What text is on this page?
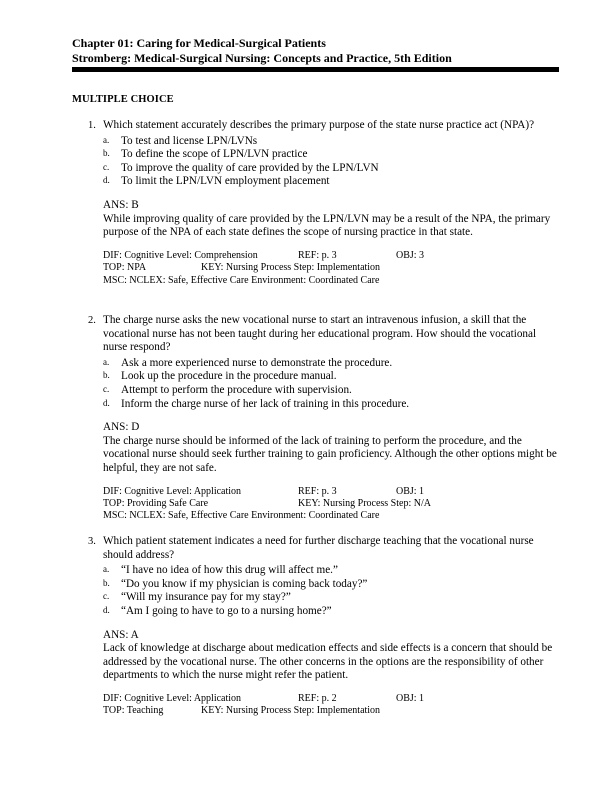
Chapter 01: Caring for Medical-Surgical Patients
Stromberg: Medical-Surgical Nursing: Concepts and Practice, 5th Edition
MULTIPLE CHOICE
1. Which statement accurately describes the primary purpose of the state nurse practice act (NPA)?

a. To test and license LPN/LVNs
b. To define the scope of LPN/LVN practice
c. To improve the quality of care provided by the LPN/LVN
d. To limit the LPN/LVN employment placement
ANS: B

While improving quality of care provided by the LPN/LVN may be a result of the NPA, the primary purpose of the NPA of each state defines the scope of nursing practice in that state.

DIF: Cognitive Level: Comprehension	REF: p. 3	OBJ: 3
TOP: NPA	KEY: Nursing Process Step: Implementation
MSC: NCLEX: Safe, Effective Care Environment: Coordinated Care
2. The charge nurse asks the new vocational nurse to start an intravenous infusion, a skill that the vocational nurse has not been taught during her educational program. How should the vocational nurse respond?

a. Ask a more experienced nurse to demonstrate the procedure.
b. Look up the procedure in the procedure manual.
c. Attempt to perform the procedure with supervision.
d. Inform the charge nurse of her lack of training in this procedure.
ANS: D

The charge nurse should be informed of the lack of training to perform the procedure, and the vocational nurse should seek further training to gain proficiency. Although the other options might be helpful, they are not safe.

DIF: Cognitive Level: Application	REF: p. 3	OBJ: 1
TOP: Providing Safe Care	KEY: Nursing Process Step: N/A
MSC: NCLEX: Safe, Effective Care Environment: Coordinated Care
3. Which patient statement indicates a need for further discharge teaching that the vocational nurse should address?

a. “I have no idea of how this drug will affect me.”
b. “Do you know if my physician is coming back today?”
c. “Will my insurance pay for my stay?”
d. “Am I going to have to go to a nursing home?”
ANS: A

Lack of knowledge at discharge about medication effects and side effects is a concern that should be addressed by the vocational nurse. The other concerns in the options are the responsibility of other departments to which the nurse might refer the patient.

DIF: Cognitive Level: Application	REF: p. 2	OBJ: 1
TOP: Teaching	KEY: Nursing Process Step: Implementation
